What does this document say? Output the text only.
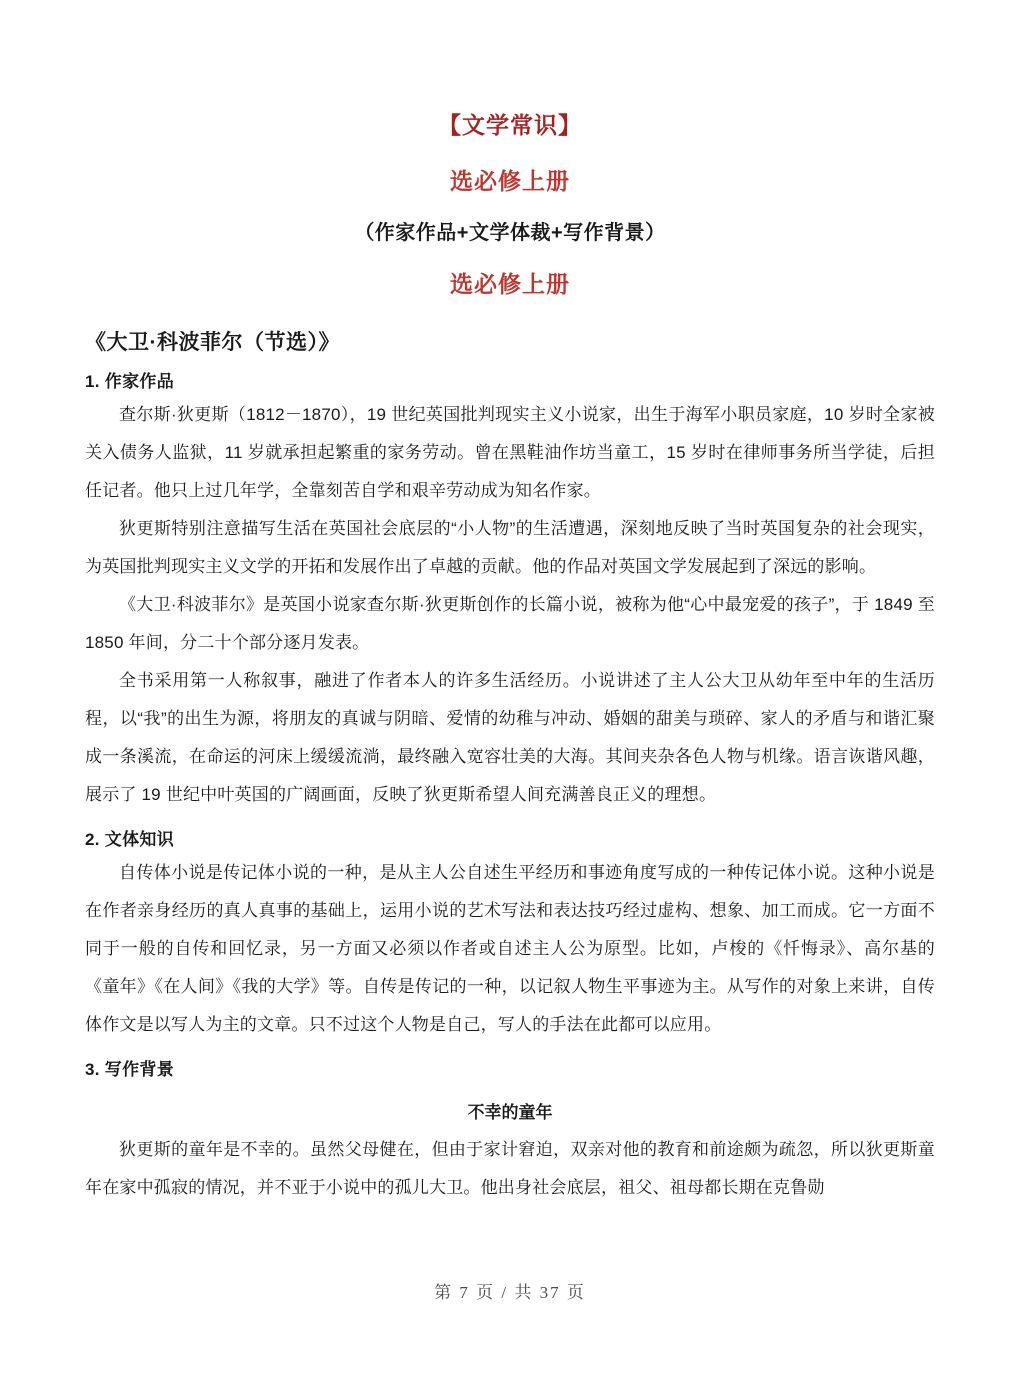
【文学常识】
选必修上册
（作家作品+文学体裁+写作背景）
选必修上册
《大卫·科波菲尔（节选）》
1. 作家作品

查尔斯·狄更斯（1812－1870），19 世纪英国批判现实主义小说家，出生于海军小职员家庭，10 岁时全家被关入债务人监狱，11 岁就承担起繁重的家务劳动。曾在黑鞋油作坊当童工，15 岁时在律师事务所当学徒，后担任记者。他只上过几年学，全靠刻苦自学和艰辛劳动成为知名作家。

狄更斯特别注意描写生活在英国社会底层的“小人物”的生活遭遇，深刻地反映了当时英国复杂的社会现实，为英国批判现实主义文学的开拓和发展作出了卓越的贡献。他的作品对英国文学发展起到了深远的影响。

《大卫·科波菲尔》是英国小说家查尔斯·狄更斯创作的长篇小说，被称为他“心中最宠爱的孩子”，于 1849 至 1850 年间，分二十个部分逐月发表。

全书采用第一人称叙事，融进了作者本人的许多生活经历。小说讲述了主人公大卫从幼年至中年的生活历程，以“我”的出生为源，将朋友的真诚与阴暗、爱情的幼稚与冲动、婚姻的甜美与琐碎、家人的矛盾与和谐汇聚成一条溪流，在命运的河床上缓缓流淌，最终融入宽容壮美的大海。其间夹杂各色人物与机缘。语言诙谐风趣，展示了 19 世纪中叶英国的广阔画面，反映了狄更斯希望人间充满善良正义的理想。

2. 文体知识

自传体小说是传记体小说的一种，是从主人公自述生平经历和事迹角度写成的一种传记体小说。这种小说是在作者亲身经历的真人真事的基础上，运用小说的艺术写法和表达技巧经过虚构、想象、加工而成。它一方面不同于一般的自传和回忆录，另一方面又必须以作者或自述主人公为原型。比如，卢梭的《忏悔录》、高尔基的《童年》《在人间》《我的大学》等。自传是传记的一种，以记叙人物生平事迹为主。从写作的对象上来讲，自传体作文是以写人为主的文章。只不过这个人物是自己，写人的手法在此都可以应用。

3. 写作背景

不幸的童年

狄更斯的童年是不幸的。虽然父母健在，但由于家计窘迫，双亲对他的教育和前途颇为疏忽，所以狄更斯童年在家中孤寂的情况，并不亚于小说中的孤儿大卫。他出身社会底层，祖父、祖母都长期在克鲁勋

第 7 页 / 共 37 页
